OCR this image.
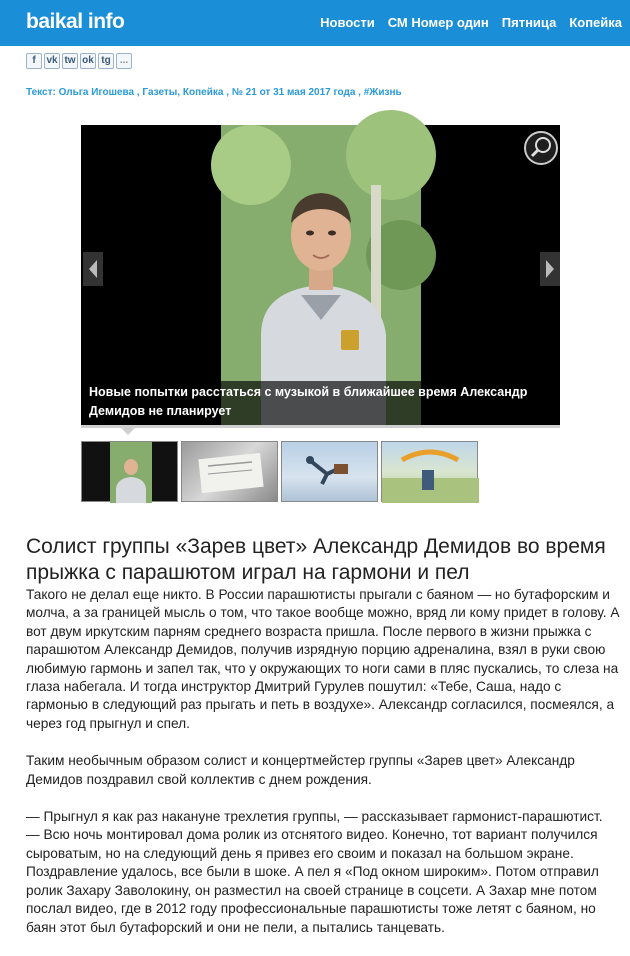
baikal info	Новости СМ Номер один Пятница Копейка
f	vk tw ok tg ...
Текст: Ольга Игошева , Газеты, Копейка , № 21 от 31 мая 2017 года , #Жизнь
Новые попытки расстаться с музыкой в ближайшее время Александр Демидов не планирует
Солист группы «Зарев цвет» Александр Демидов во время прыжка с парашютом играл на гармони и пел

Такого не делал еще никто. В России парашютисты прыгали с баяном — но бутафорским и молча, а за границей мысль о том, что такое вообще можно, вряд ли кому придет в голову. А вот двум иркутским парням среднего возраста пришла. После первого в жизни прыжка с парашютом Александр Демидов, получив изрядную порцию адреналина, взял в руки свою любимую гармонь и запел так, что у окружающих то ноги сами в пляс пускались, то слеза на глаза набегала. И тогда инструктор Дмитрий Гурулев пошутил: «Тебе, Саша, надо с гармонью в следующий раз прыгать и петь в воздухе». Александр согласился, посмеялся, а через год прыгнул и спел.

Таким необычным образом солист и концертмейстер группы «Зарев цвет» Александр Демидов поздравил свой коллектив с днем рождения.

— Прыгнул я как раз накануне трехлетия группы, — рассказывает гармонист-парашютист. — Всю ночь монтировал дома ролик из отснятого видео. Конечно, тот вариант получился сыроватым, но на следующий день я привез его своим и показал на большом экране. Поздравление удалось, все были в шоке. А пел я «Под окном широким». Потом отправил ролик Захару Заволокину, он разместил на своей странице в соцсети. А Захар мне потом послал видео, где в 2012 году профессиональные парашютисты тоже летят с баяном, но баян этот был бутафорский и они не пели, а пытались танцевать.
